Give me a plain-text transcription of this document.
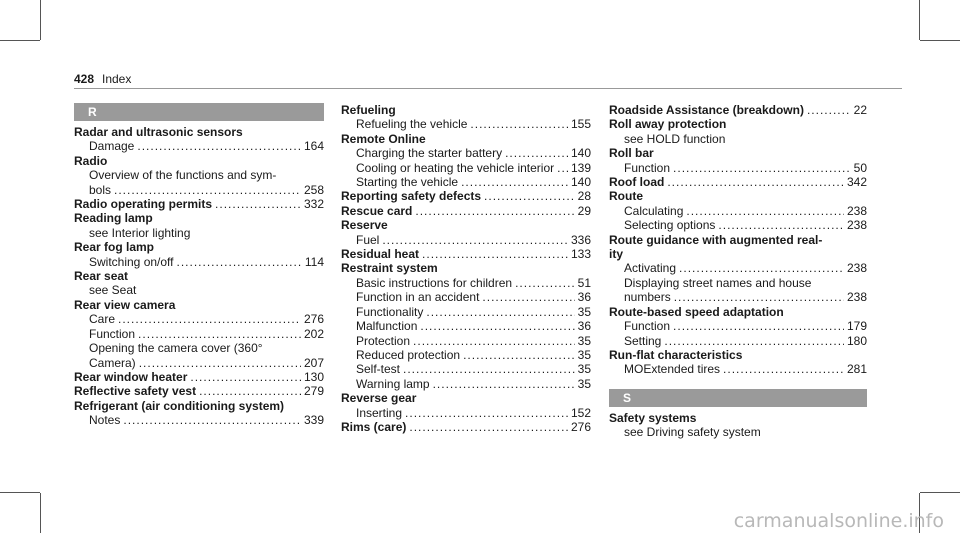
428 Index
R
Radar and ultrasonic sensors
Damage .....	164
Radio
Overview of the functions and sym-
bols .....	258
Radio operating permits .....	332
Reading lamp
see Interior lighting
Rear fog lamp
Switching on/off .....	114
Rear seat
see Seat
Rear view camera
Care .....	276
Function .....	202
Opening the camera cover (360°
Camera) .....	207
Rear window heater .....	130
Reflective safety vest .....	279
Refrigerant (air conditioning system)
Notes .....	339
Refueling
Refueling the vehicle .....	155
Remote Online
Charging the starter battery .....	140
Cooling or heating the vehicle interior ..... 139
Starting the vehicle .....	140
Reporting safety defects .....	28
Rescue card .....	29
Reserve
Fuel .....	336
Residual heat .....	133
Restraint system
Basic instructions for children .....	51
Function in an accident .....	36
Functionality .....	35
Malfunction .....	36
Protection .....	35
Reduced protection .....	35
Self-test .....	35
Warning lamp .....	35
Reverse gear
Inserting .....	152
Rims (care) .....	276
Roadside Assistance (breakdown) .....	22
Roll away protection
see HOLD function
Roll bar
Function .....	50
Roof load .....	342
Route
Calculating .....	238
Selecting options .....	238
Route guidance with augmented real-
ity
Activating .....	238
Displaying street names and house
numbers .....	238
Route-based speed adaptation
Function .....	179
Setting .....	180
Run-flat characteristics
MOExtended tires .....	281
S
Safety systems
see Driving safety system
carmanualsonline.info
